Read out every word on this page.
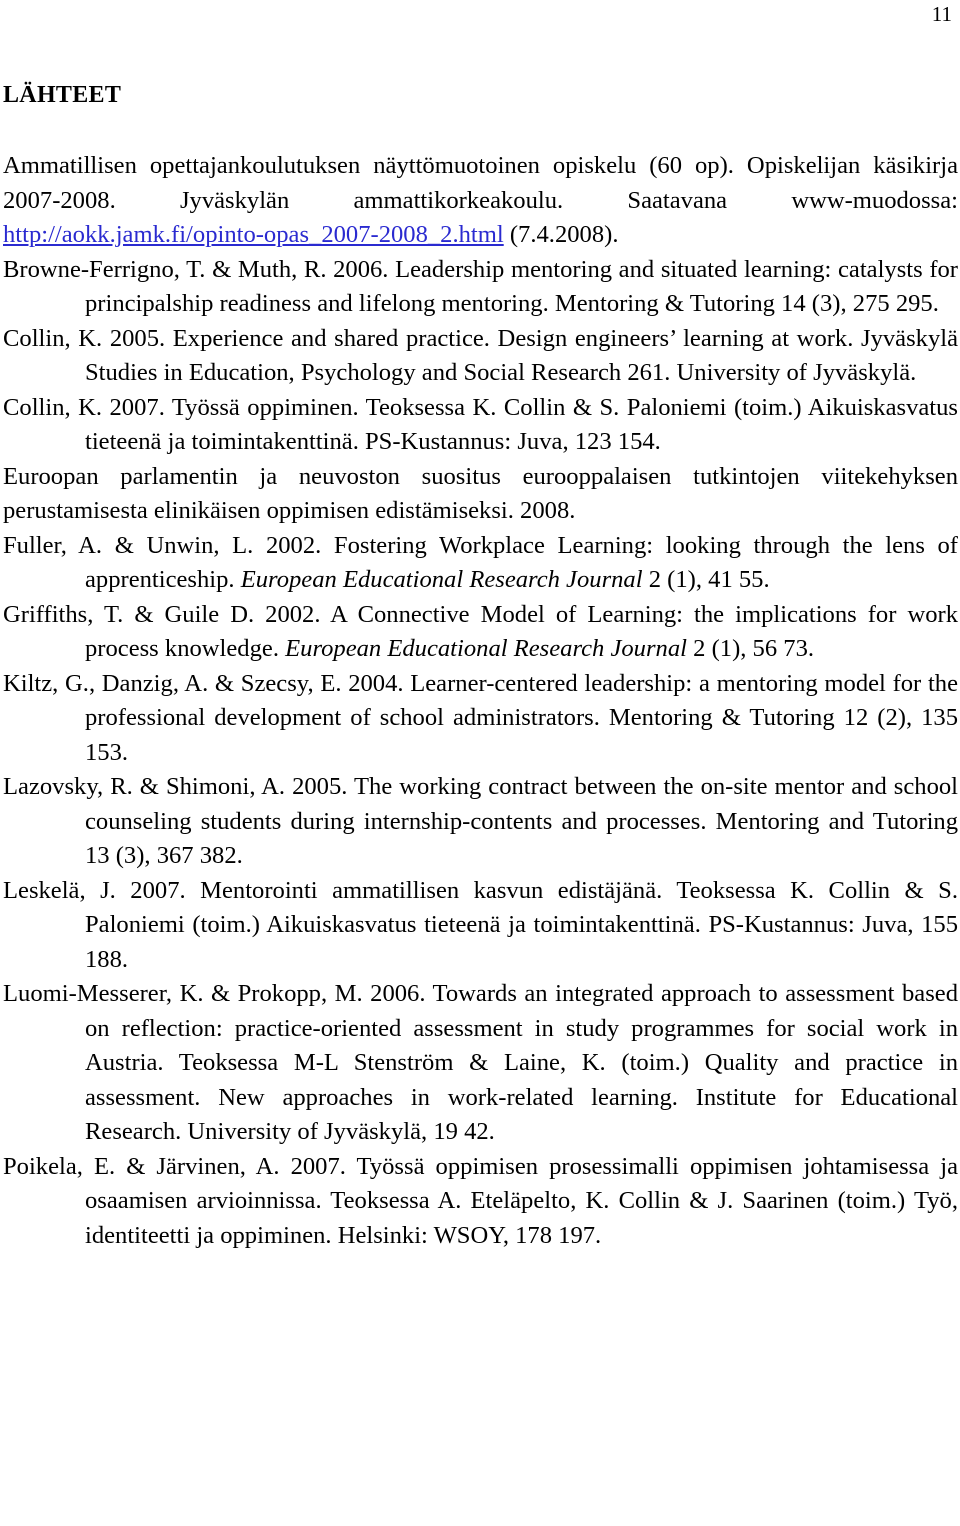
11
LÄHTEET

Ammatillisen opettajankoulutuksen näyttömuotoinen opiskelu (60 op). Opiskelijan käsikirja 2007-2008. Jyväskylän ammattikorkeakoulu. Saatavana www-muodossa: http://aokk.jamk.fi/opinto-opas_2007-2008_2.html (7.4.2008).

Browne-Ferrigno, T. & Muth, R. 2006. Leadership mentoring and situated learning: catalysts for principalship readiness and lifelong mentoring. Mentoring & Tutoring 14 (3), 275 295.

Collin, K. 2005. Experience and shared practice. Design engineers’ learning at work. Jyväskylä Studies in Education, Psychology and Social Research 261. University of Jyväskylä.

Collin, K. 2007. Työssä oppiminen. Teoksessa K. Collin & S. Paloniemi (toim.) Aikuiskasvatus tieteenä ja toimintakenttinä. PS-Kustannus: Juva, 123 154.

Euroopan parlamentin ja neuvoston suositus eurooppalaisen tutkintojen viitekehyksen perustamisesta elinikäisen oppimisen edistämiseksi. 2008.

Fuller, A. & Unwin, L. 2002. Fostering Workplace Learning: looking through the lens of apprenticeship. European Educational Research Journal 2 (1), 41 55.

Griffiths, T. & Guile D. 2002. A Connective Model of Learning: the implications for work process knowledge. European Educational Research Journal 2 (1), 56 73.

Kiltz, G., Danzig, A. & Szecsy, E. 2004. Learner-centered leadership: a mentoring model for the professional development of school administrators. Mentoring & Tutoring 12 (2), 135 153.

Lazovsky, R. & Shimoni, A. 2005. The working contract between the on-site mentor and school counseling students during internship-contents and processes. Mentoring and Tutoring 13 (3), 367 382.

Leskelä, J. 2007. Mentorointi ammatillisen kasvun edistäjänä. Teoksessa K. Collin & S. Paloniemi (toim.) Aikuiskasvatus tieteenä ja toimintakenttinä. PS-Kustannus: Juva, 155 188.

Luomi-Messerer, K. & Prokopp, M. 2006. Towards an integrated approach to assessment based on reflection: practice-oriented assessment in study programmes for social work in Austria. Teoksessa M-L Stenström & Laine, K. (toim.) Quality and practice in assessment. New approaches in work-related learning. Institute for Educational Research. University of Jyväskylä, 19 42.

Poikela, E. & Järvinen, A. 2007. Työssä oppimisen prosessimalli oppimisen johtamisessa ja osaamisen arvioinnissa. Teoksessa A. Eteläpelto, K. Collin & J. Saarinen (toim.) Työ, identiteetti ja oppiminen. Helsinki: WSOY, 178 197.
